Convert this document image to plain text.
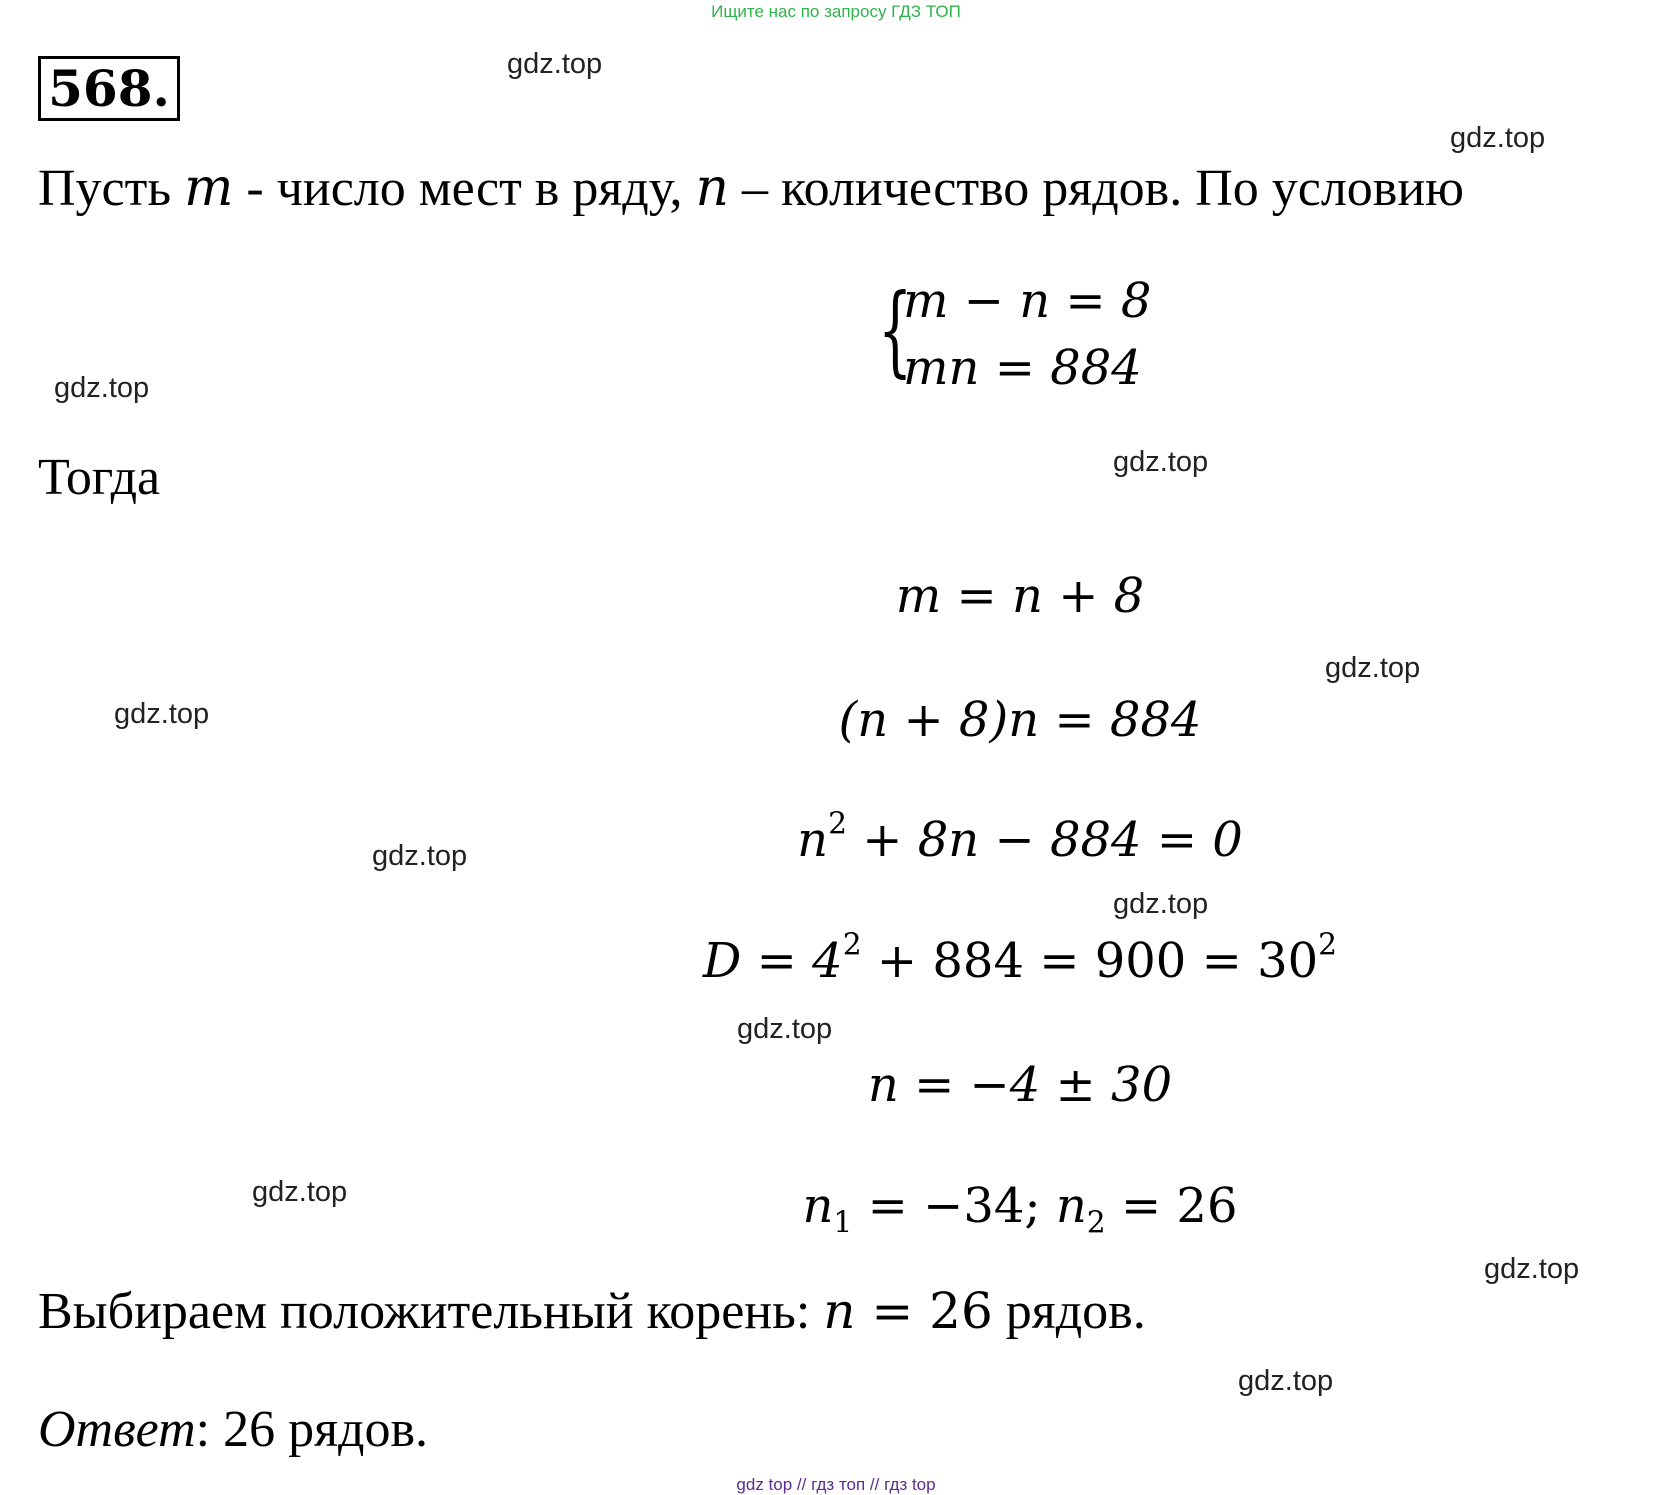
Ищите нас по запросу ГДЗ ТОП
568.	gdz.top
gdz.top
gdz.top
gdz.top
gdz.top
gdz.top
gdz.top
gdz.top
gdz.top
gdz.top
gdz.top
gdz.top
Пусть m - число мест в ряду, n – количество рядов. По условию
{
m − n = 8
mn = 884
Тогда
m = n + 8
(n + 8)n = 884
$n^2 + 8n - 884 = 0$
$D = 4^2 + 884 = 900 = 30^2$
n = −4 ± 30
$n_1 = -34$; $n_2 = 26$
Выбираем положительный корень: n = 26 рядов.
Ответ: 26 рядов.
gdz top // гдз топ // гдз top
